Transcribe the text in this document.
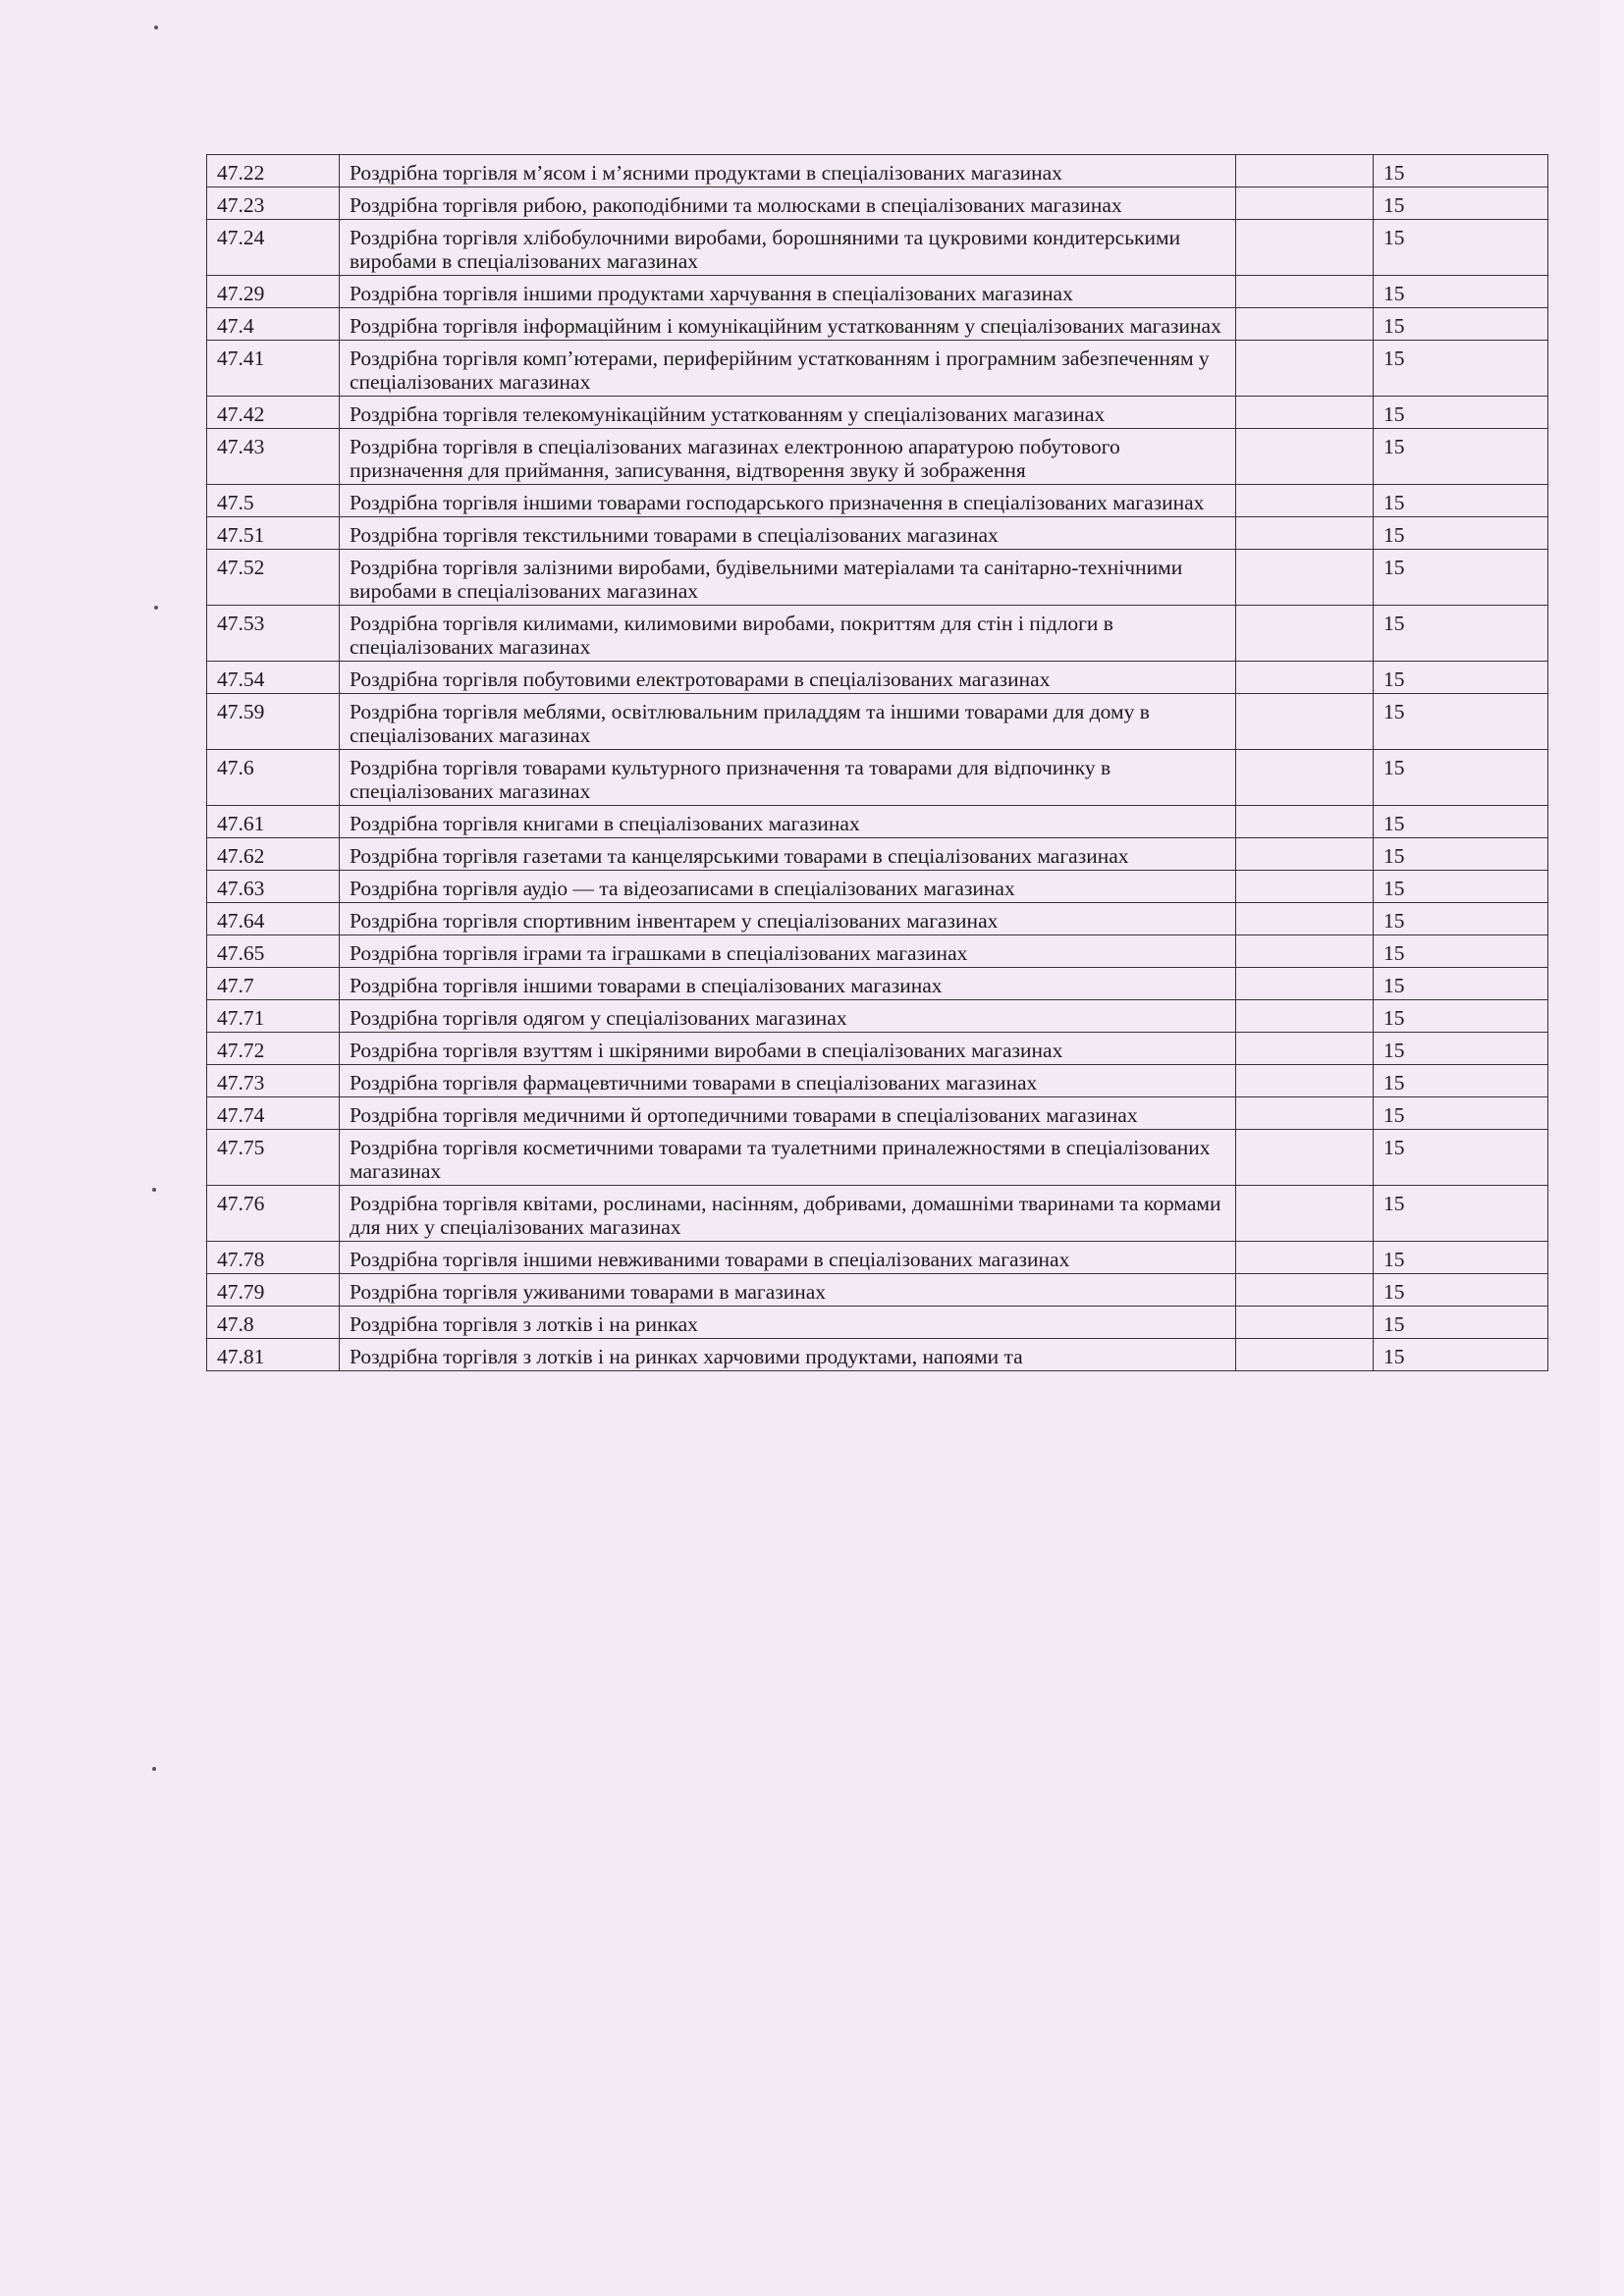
47.22	Роздрібна торгівля м’ясом і м’ясними продуктами в спеціалізованих магазинах		15
47.23	Роздрібна торгівля рибою, ракоподібними та молюсками в спеціалізованих магазинах		15
47.24	Роздрібна торгівля хлібобулочними виробами, борошняними та цукровими кондитерськими виробами в спеціалізованих магазинах		15
47.29	Роздрібна торгівля іншими продуктами харчування в спеціалізованих магазинах		15
47.4	Роздрібна торгівля інформаційним і комунікаційним устаткованням у спеціалізованих магазинах		15
47.41	Роздрібна торгівля комп’ютерами, периферійним устаткованням і програмним забезпеченням у спеціалізованих магазинах		15
47.42	Роздрібна торгівля телекомунікаційним устаткованням у спеціалізованих магазинах		15
47.43	Роздрібна торгівля в спеціалізованих магазинах електронною апаратурою побутового призначення для приймання, записування, відтворення звуку й зображення		15
47.5	Роздрібна торгівля іншими товарами господарського призначення в спеціалізованих магазинах		15
47.51	Роздрібна торгівля текстильними товарами в спеціалізованих магазинах		15
47.52	Роздрібна торгівля залізними виробами, будівельними матеріалами та санітарно-технічними виробами в спеціалізованих магазинах		15
47.53	Роздрібна торгівля килимами, килимовими виробами, покриттям для стін і підлоги в спеціалізованих магазинах		15
47.54	Роздрібна торгівля побутовими електротоварами в спеціалізованих магазинах		15
47.59	Роздрібна торгівля меблями, освітлювальним приладдям та іншими товарами для дому в спеціалізованих магазинах		15
47.6	Роздрібна торгівля товарами культурного призначення та товарами для відпочинку в спеціалізованих магазинах		15
47.61	Роздрібна торгівля книгами в спеціалізованих магазинах		15
47.62	Роздрібна торгівля газетами та канцелярськими товарами в спеціалізованих магазинах		15
47.63	Роздрібна торгівля аудіо — та відеозаписами в спеціалізованих магазинах		15
47.64	Роздрібна торгівля спортивним інвентарем у спеціалізованих магазинах		15
47.65	Роздрібна торгівля іграми та іграшками в спеціалізованих магазинах		15
47.7	Роздрібна торгівля іншими товарами в спеціалізованих магазинах		15
47.71	Роздрібна торгівля одягом у спеціалізованих магазинах		15
47.72	Роздрібна торгівля взуттям і шкіряними виробами в спеціалізованих магазинах		15
47.73	Роздрібна торгівля фармацевтичними товарами в спеціалізованих магазинах		15
47.74	Роздрібна торгівля медичними й ортопедичними товарами в спеціалізованих магазинах		15
47.75	Роздрібна торгівля косметичними товарами та туалетними приналежностями в спеціалізованих магазинах		15
47.76	Роздрібна торгівля квітами, рослинами, насінням, добривами, домашніми тваринами та кормами для них у спеціалізованих магазинах		15
47.78	Роздрібна торгівля іншими невживаними товарами в спеціалізованих магазинах		15
47.79	Роздрібна торгівля уживаними товарами в магазинах		15
47.8	Роздрібна торгівля з лотків і на ринках		15
47.81	Роздрібна торгівля з лотків і на ринках харчовими продуктами, напоями та		15
